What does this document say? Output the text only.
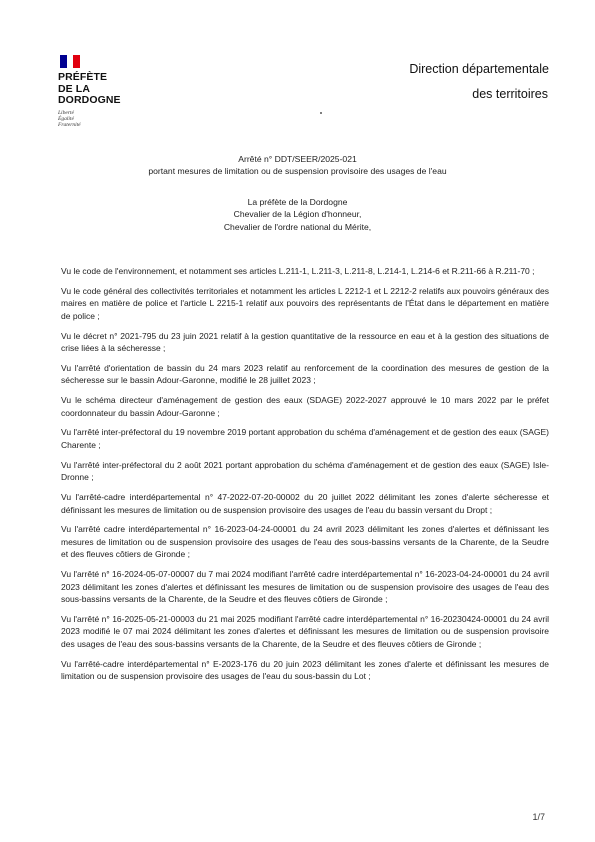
PRÉFÈTE
DE LA
DORDOGNE
Liberté
Égalité
Fraternité
Direction départementale
des territoires
Arrêté n° DDT/SEER/2025-021
portant mesures de limitation ou de suspension provisoire des usages de l'eau
La préfète de la Dordogne
Chevalier de la Légion d'honneur,
Chevalier de l'ordre national du Mérite,

Vu le code de l'environnement, et notamment ses articles L.211-1, L.211-3, L.211-8, L.214-1, L.214-6 et R.211-66 à R.211-70 ;

Vu le code général des collectivités territoriales et notamment les articles L 2212-1 et L 2212-2 relatifs aux pouvoirs généraux des maires en matière de police et l'article L 2215-1 relatif aux pouvoirs des représentants de l'État dans le département en matière de police ;

Vu le décret n° 2021-795 du 23 juin 2021 relatif à la gestion quantitative de la ressource en eau et à la gestion des situations de crise liées à la sécheresse ;

Vu l'arrêté d'orientation de bassin du 24 mars 2023 relatif au renforcement de la coordination des mesures de gestion de la sécheresse sur le bassin Adour-Garonne, modifié le 28 juillet 2023 ;

Vu le schéma directeur d'aménagement de gestion des eaux (SDAGE) 2022-2027 approuvé le 10 mars 2022 par le préfet coordonnateur du bassin Adour-Garonne ;

Vu l'arrêté inter-préfectoral du 19 novembre 2019 portant approbation du schéma d'aménagement et de gestion des eaux (SAGE) Charente ;

Vu l'arrêté inter-préfectoral du 2 août 2021 portant approbation du schéma d'aménagement et de gestion des eaux (SAGE) Isle-Dronne ;

Vu l'arrêté-cadre interdépartemental n° 47-2022-07-20-00002 du 20 juillet 2022 délimitant les zones d'alerte sécheresse et définissant les mesures de limitation ou de suspension provisoire des usages de l'eau du bassin versant du Dropt ;

Vu l'arrêté cadre interdépartemental n° 16-2023-04-24-00001 du 24 avril 2023 délimitant les zones d'alertes et définissant les mesures de limitation ou de suspension provisoire des usages de l'eau des sous-bassins versants de la Charente, de la Seudre et des fleuves côtiers de Gironde ;

Vu l'arrêté n° 16-2024-05-07-00007 du 7 mai 2024 modifiant l'arrêté cadre interdépartemental n° 16-2023-04-24-00001 du 24 avril 2023 délimitant les zones d'alertes et définissant les mesures de limitation ou de suspension provisoire des usages de l'eau des sous-bassins versants de la Charente, de la Seudre et des fleuves côtiers de Gironde ;

Vu l'arrêté n° 16-2025-05-21-00003 du 21 mai 2025 modifiant l'arrêté cadre interdépartemental n° 16-20230424-00001 du 24 avril 2023 modifié le 07 mai 2024 délimitant les zones d'alertes et définissant les mesures de limitation ou de suspension provisoire des usages de l'eau des sous-bassins versants de la Charente, de la Seudre et des fleuves côtiers de Gironde ;

Vu l'arrêté-cadre interdépartemental n° E-2023-176 du 20 juin 2023 délimitant les zones d'alerte et définissant les mesures de limitation ou de suspension provisoire des usages de l'eau du sous-bassin du Lot ;

1/7
